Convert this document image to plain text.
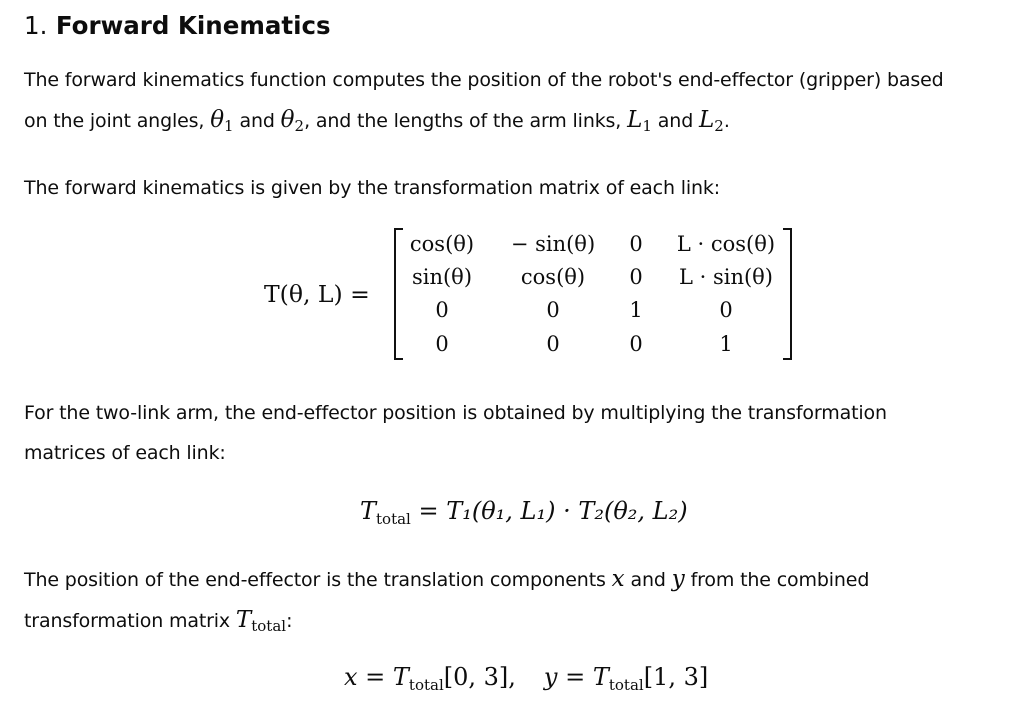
1. Forward Kinematics

The forward kinematics function computes the position of the robot's end-effector (gripper) based
on the joint angles, $\theta_1$ and $\theta_2$, and the lengths of the arm links, $L_1$ and $L_2$.

The forward kinematics is given by the transformation matrix of each link:

T(θ, L) =
cos(θ)	− sin(θ)	0	L · cos(θ)
sin(θ)	cos(θ)	0	L · sin(θ)
0	0	1	0
0	0	0	1

For the two-link arm, the end-effector position is obtained by multiplying the transformation
matrices of each link:

$T_{total} = T_1(\theta_1$, L₁) · T₂(θ₂, L₂)

The position of the end-effector is the translation components x and y from the combined
transformation matrix $T_{total}$:

$x = T_{total}[0$, 3], $y = T_{total}[1$, 3]
